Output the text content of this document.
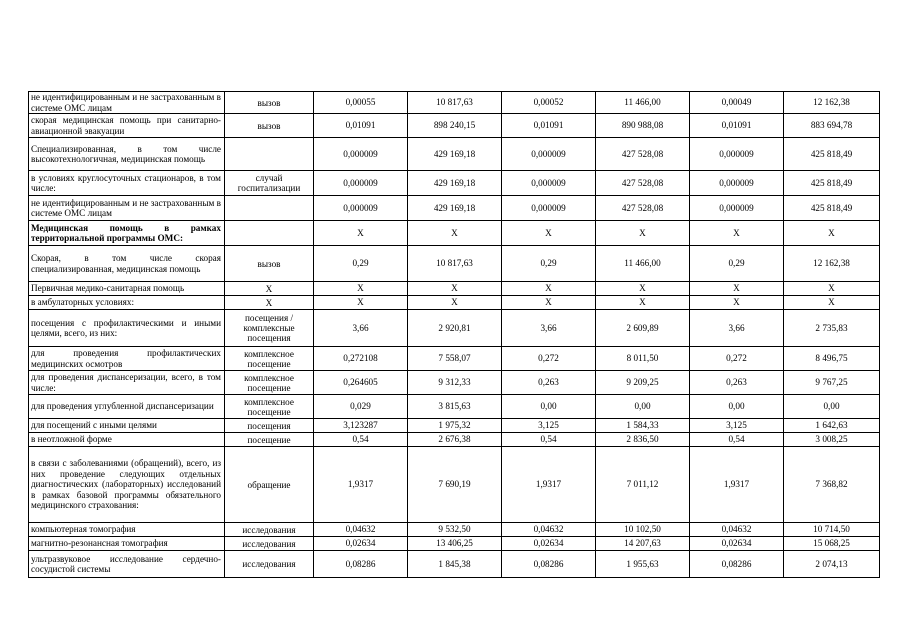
не идентифицированным и не застрахованным в системе ОМС лицам	вызов	0,00055	10 817,63	0,00052	11 466,00	0,00049	12 162,38
скорая медицинская помощь при санитарно-авиационной эвакуации	вызов	0,01091	898 240,15	0,01091	890 988,08	0,01091	883 694,78
Специализированная, в том числе высокотехнологичная, медицинская помощь		0,000009	429 169,18	0,000009	427 528,08	0,000009	425 818,49
в условиях круглосуточных стационаров, в том числе:	случай госпитализации	0,000009	429 169,18	0,000009	427 528,08	0,000009	425 818,49
не идентифицированным и не застрахованным в системе ОМС лицам		0,000009	429 169,18	0,000009	427 528,08	0,000009	425 818,49
Медицинская помощь в рамках территориальной программы ОМС:		X	X	X	X	X	X
Скорая, в том числе скорая специализированная, медицинская помощь	вызов	0,29	10 817,63	0,29	11 466,00	0,29	12 162,38
Первичная медико-санитарная помощь	X	X	X	X	X	X	X
в амбулаторных условиях:	X	X	X	X	X	X	X
посещения с профилактическими и иными целями, всего, из них:	посещения / комплексные посещения	3,66	2 920,81	3,66	2 609,89	3,66	2 735,83
для проведения профилактических медицинских осмотров	комплексное посещение	0,272108	7 558,07	0,272	8 011,50	0,272	8 496,75
для проведения диспансеризации, всего, в том числе:	комплексное посещение	0,264605	9 312,33	0,263	9 209,25	0,263	9 767,25
для проведения углубленной диспансеризации	комплексное посещение	0,029	3 815,63	0,00	0,00	0,00	0,00
для посещений с иными целями	посещения	3,123287	1 975,32	3,125	1 584,33	3,125	1 642,63
в неотложной форме	посещение	0,54	2 676,38	0,54	2 836,50	0,54	3 008,25
в связи с заболеваниями (обращений), всего, из них проведение следующих отдельных диагностических (лабораторных) исследований в рамках базовой программы обязательного медицинского страхования:	обращение	1,9317	7 690,19	1,9317	7 011,12	1,9317	7 368,82
компьютерная томография	исследования	0,04632	9 532,50	0,04632	10 102,50	0,04632	10 714,50
магнитно-резонансная томография	исследования	0,02634	13 406,25	0,02634	14 207,63	0,02634	15 068,25
ультразвуковое исследование сердечно-сосудистой системы	исследования	0,08286	1 845,38	0,08286	1 955,63	0,08286	2 074,13
